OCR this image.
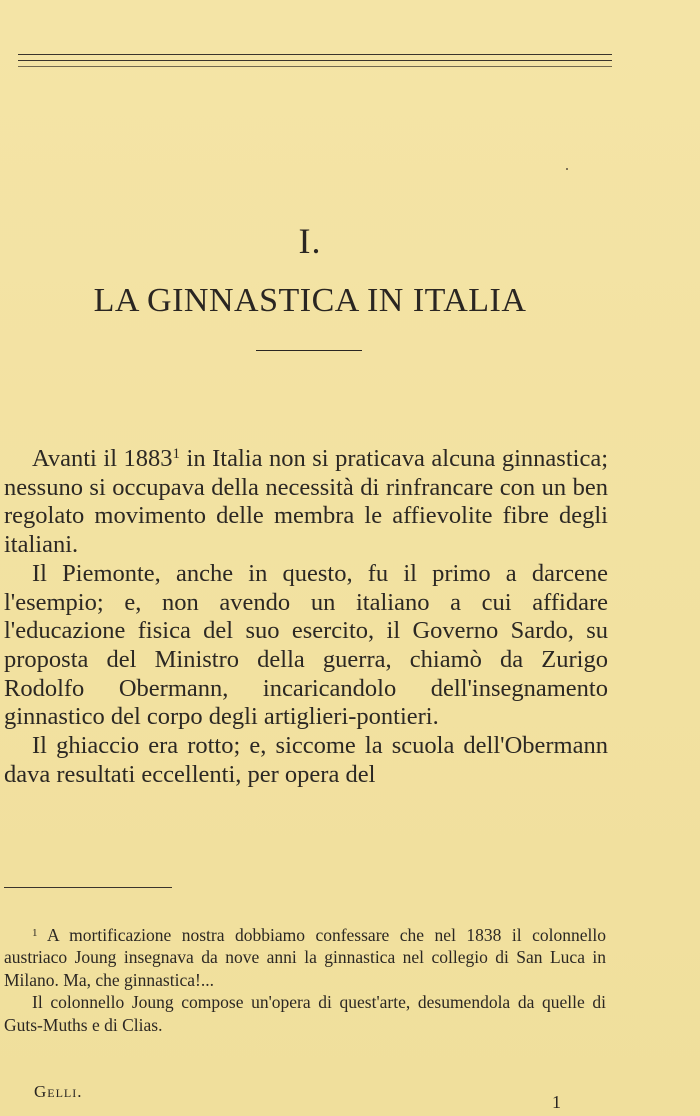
I.
LA GINNASTICA IN ITALIA

Avanti il 1883$^1$ in Italia non si praticava alcuna ginnastica; nessuno si occupava della necessità di rinfrancare con un ben regolato movimento delle membra le affievolite fibre degli italiani.

Il Piemonte, anche in questo, fu il primo a darcene l'esempio; e, non avendo un italiano a cui affidare l'educazione fisica del suo esercito, il Governo Sardo, su proposta del Ministro della guerra, chiamò da Zurigo Rodolfo Obermann, incaricandolo dell'insegnamento ginnastico del corpo degli artiglieri-pontieri.

Il ghiaccio era rotto; e, siccome la scuola dell'Obermann dava resultati eccellenti, per opera del

$^1$ A mortificazione nostra dobbiamo confessare che nel 1838 il colonnello austriaco Joung insegnava da nove anni la ginnastica nel collegio di San Luca in Milano. Ma, che ginnastica!...

Il colonnello Joung compose un'opera di quest'arte, desumendola da quelle di Guts-Muths e di Clias.

Gelli.
1
